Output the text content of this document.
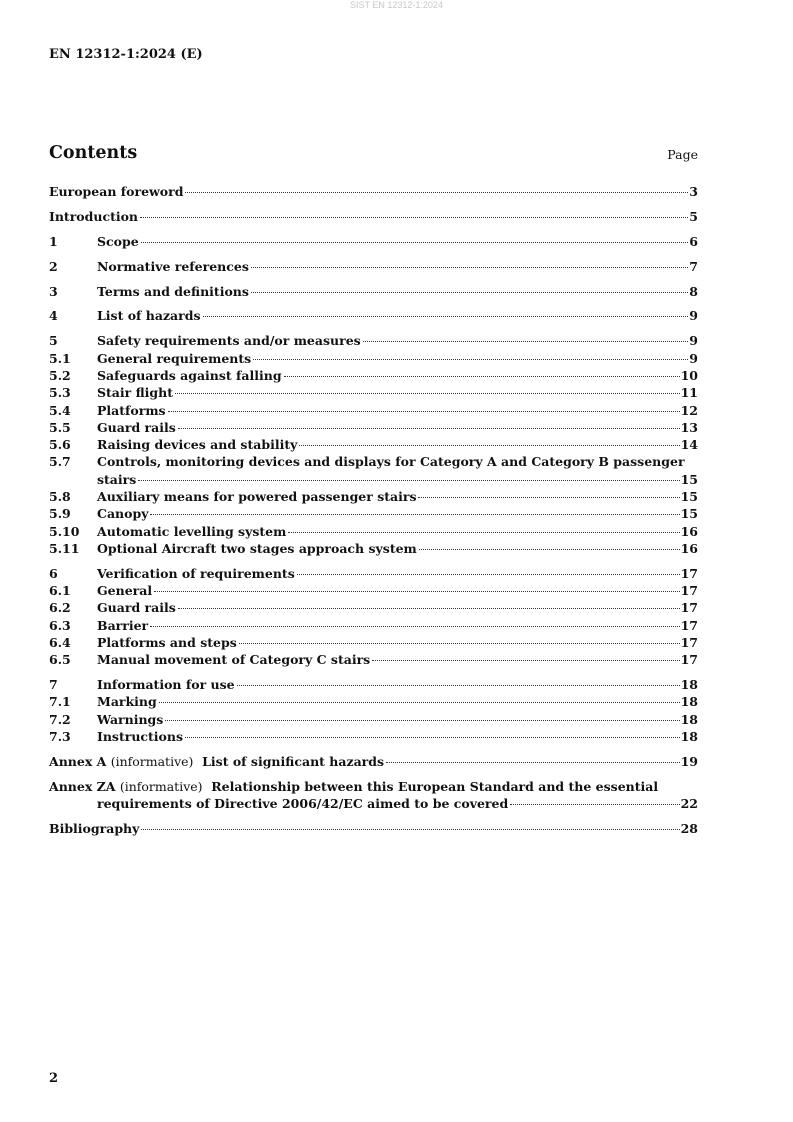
SIST EN 12312-1:2024
EN 12312-1:2024 (E)
Contents	Page
European foreword	3
Introduction	5
1	Scope	6
2	Normative references	7
3	Terms and definitions	8
4	List of hazards	9
5	Safety requirements and/or measures	9
5.1	General requirements	9
5.2	Safeguards against falling	10
5.3	Stair flight	11
5.4	Platforms	12
5.5	Guard rails	13
5.6	Raising devices and stability	14
5.7	Controls, monitoring devices and displays for Category A and Category B passenger
stairs	15
5.8	Auxiliary means for powered passenger stairs	15
5.9	Canopy	15
5.10	Automatic levelling system	16
5.11	Optional Aircraft two stages approach system	16
6	Verification of requirements	17
6.1	General	17
6.2	Guard rails	17
6.3	Barrier	17
6.4	Platforms and steps	17
6.5	Manual movement of Category C stairs	17
7	Information for use	18
7.1	Marking	18
7.2	Warnings	18
7.3	Instructions	18
Annex A
(informative)
List of significant hazards	19
Annex ZA
(informative)
Relationship between this European Standard and the essential
requirements of Directive 2006/42/EC aimed to be covered	22
Bibliography	28
2
